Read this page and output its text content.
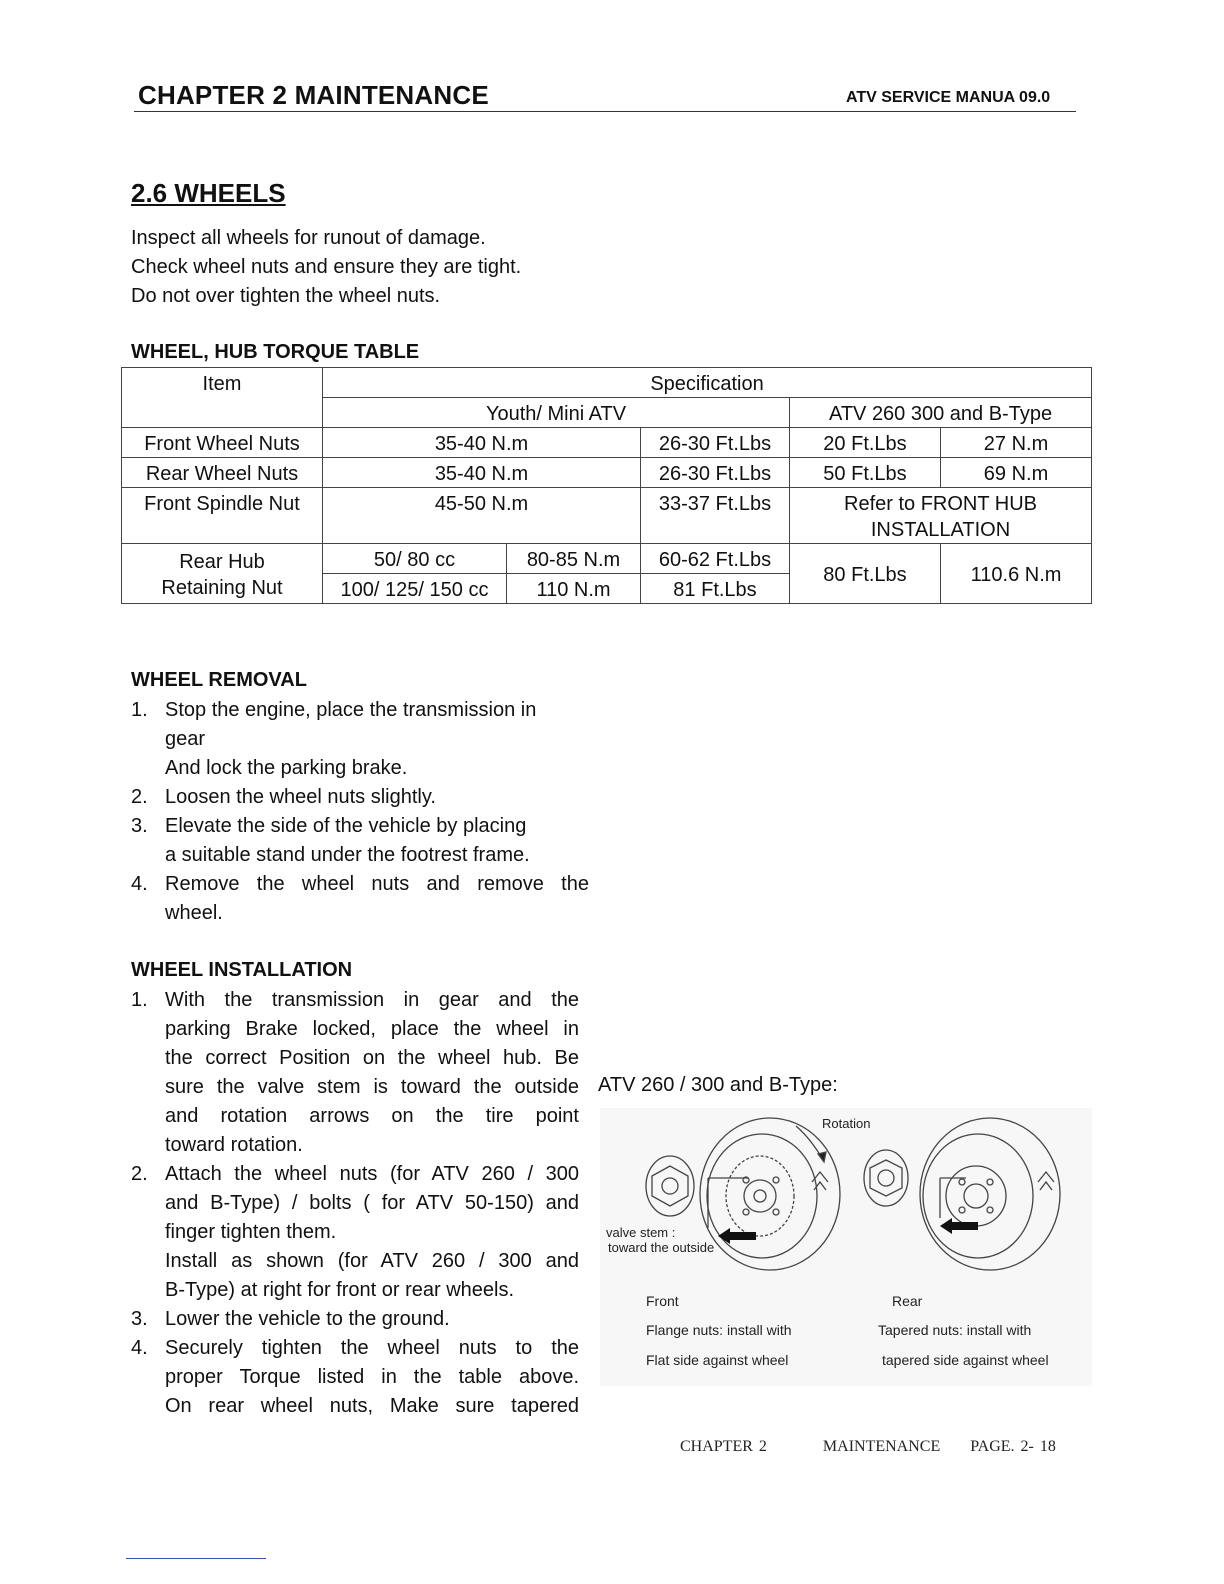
CHAPTER 2 MAINTENANCE	ATV SERVICE MANUA 09.0
2.6 WHEELS
Inspect all wheels for runout of damage.
Check wheel nuts and ensure they are tight.
Do not over tighten the wheel nuts.
WHEEL, HUB TORQUE TABLE
Item	Specification				
	Youth/ Mini ATV			ATV 260 300 and B-Type	
Front Wheel Nuts	35-40 N.m		26-30 Ft.Lbs	20 Ft.Lbs	27 N.m
Rear Wheel Nuts	35-40 N.m		26-30 Ft.Lbs	50 Ft.Lbs	69 N.m
Front Spindle Nut	45-50 N.m		33-37 Ft.Lbs	Refer to FRONT HUB
INSTALLATION	

Rear Hub
Retaining Nut	50/ 80 cc	80-85 N.m	60-62 Ft.Lbs	80 Ft.Lbs	110.6 N.m
	100/ 125/ 150 cc	110 N.m	81 Ft.Lbs		
WHEEL REMOVAL
1. Stop the engine, place the transmission in
gear
And lock the parking brake.
2. Loosen the wheel nuts slightly.
3. Elevate the side of the vehicle by placing
a suitable stand under the footrest frame.
4. Remove the wheel nuts and remove the
wheel.
WHEEL INSTALLATION
1. With the transmission in gear and the
parking Brake locked, place the wheel in
the correct Position on the wheel hub. Be
sure the valve stem is toward the outside
and rotation arrows on the tire point
toward rotation.
2. Attach the wheel nuts (for ATV 260 / 300
and B-Type) / bolts ( for ATV 50-150) and
finger tighten them.
Install as shown (for ATV 260 / 300 and
B-Type) at right for front or rear wheels.
3. Lower the vehicle to the ground.
4. Securely tighten the wheel nuts to the
proper Torque listed in the table above.
On rear wheel nuts, Make sure tapered
ATV 260 / 300 and B-Type:
Rotation
valve stem :
toward the outside
Front
Flange nuts: install with
Flat side against wheel
Rear
Tapered nuts: install with
tapered side against wheel
CHAPTER 2	MAINTENANCE PAGE. 2- 18
